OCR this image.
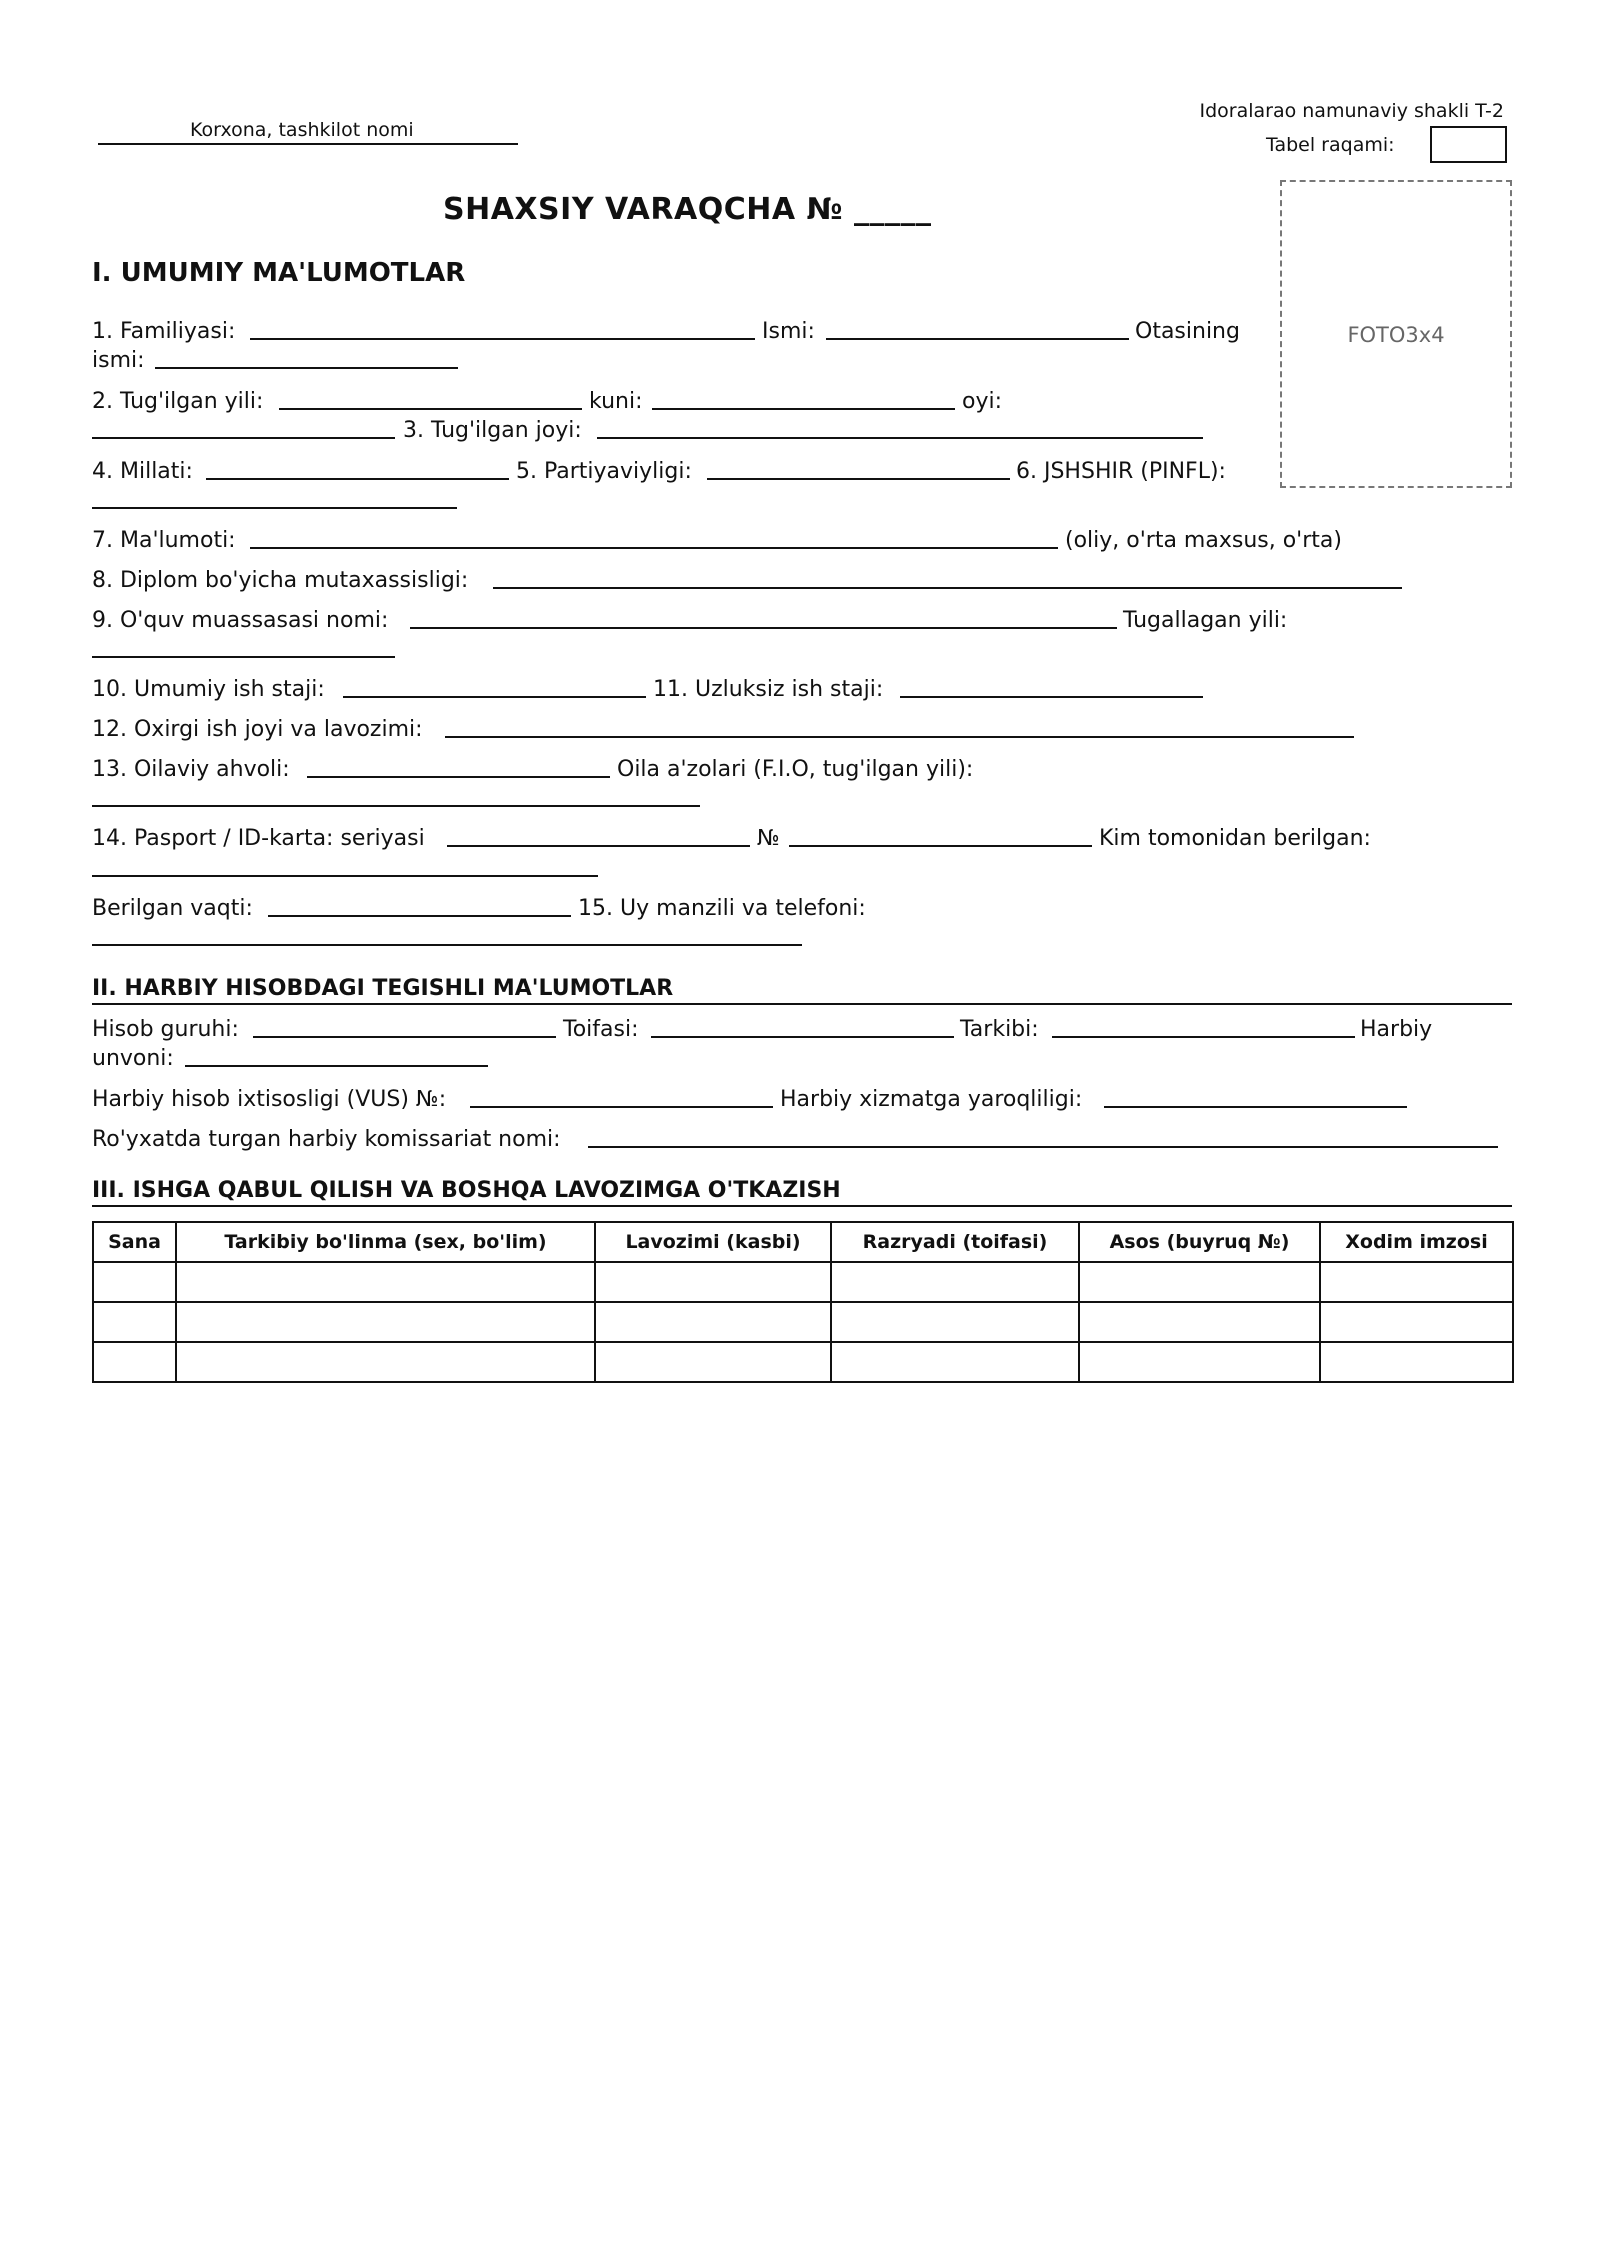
Korxona, tashkilot nomi
Idoralarao namunaviy shakli T-2
Tabel raqami:
FOTO3x4
SHAXSIY VARAQCHA № _____
I. UMUMIY MA'LUMOTLAR
1. Familiyasi:	Ismi:	Otasining
ismi:
2. Tug'ilgan yili:	kuni:	oyi:
3. Tug'ilgan joyi:
4. Millati:	5. Partiyaviyligi:	6. JSHSHIR (PINFL):
7. Ma'lumoti:	(oliy, o'rta maxsus, o'rta)
8. Diplom bo'yicha mutaxassisligi:
9. O'quv muassasasi nomi:	Tugallagan yili:
10. Umumiy ish staji:	11. Uzluksiz ish staji:
12. Oxirgi ish joyi va lavozimi:
13. Oilaviy ahvoli:	Oila a'zolari (F.I.O, tug'ilgan yili):
14. Pasport / ID-karta: seriyasi	№	Kim tomonidan berilgan:
Berilgan vaqti:	15. Uy manzili va telefoni:
II. HARBIY HISOBDAGI TEGISHLI MA'LUMOTLAR
Hisob guruhi:	Toifasi:	Tarkibi:	Harbiy
unvoni:
Harbiy hisob ixtisosligi (VUS) №:	Harbiy xizmatga yaroqliligi:
Ro'yxatda turgan harbiy komissariat nomi:
III. ISHGA QABUL QILISH VA BOSHQA LAVOZIMGA O'TKAZISH
Sana	Tarkibiy bo'linma (sex, bo'lim)	Lavozimi (kasbi)	Razryadi (toifasi)	Asos (buyruq №)	Xodim imzosi
